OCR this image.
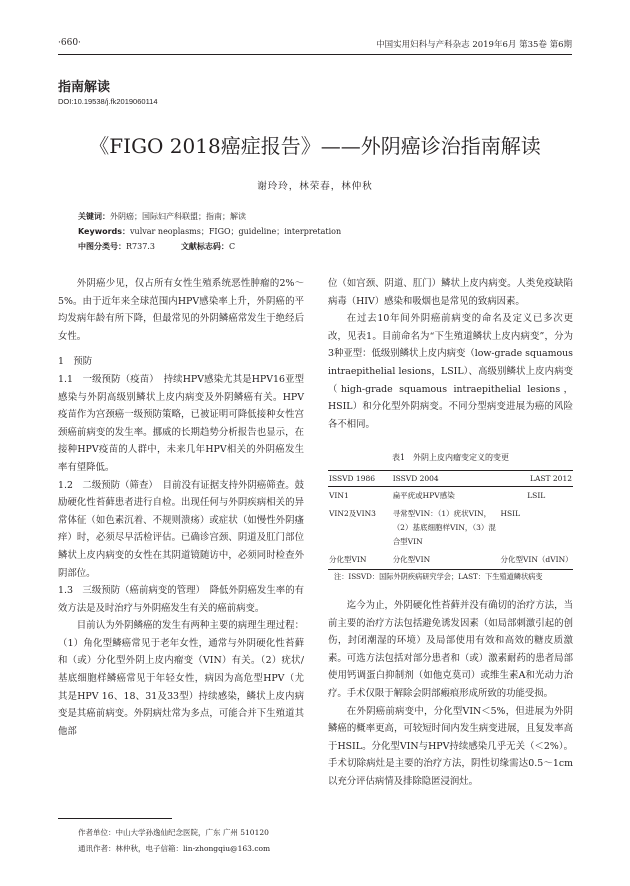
·660·	中国实用妇科与产科杂志 2019年6月 第35卷 第6期
指南解读
DOI:10.19538/j.fk2019060114
《FIGO 2018癌症报告》——外阴癌诊治指南解读
谢玲玲，林荣春，林仲秋
关键词：外阴癌；国际妇产科联盟；指南；解读
Keywords：vulvar neoplasms；FIGO；guideline；interpretation
中图分类号：R737.3	文献标志码：C

外阴癌少见，仅占所有女性生殖系统恶性肿瘤的2%～5%。由于近年来全球范围内HPV感染率上升，外阴癌的平均发病年龄有所下降，但最常见的外阴鳞癌常发生于绝经后女性。

1　预防

1.1　一级预防（疫苗）　持续HPV感染尤其是HPV16亚型感染与外阴高级别鳞状上皮内病变及外阴鳞癌有关。HPV疫苗作为宫颈癌一级预防策略，已被证明可降低接种女性宫颈癌前病变的发生率。挪威的长期趋势分析报告也显示，在接种HPV疫苗的人群中，未来几年HPV相关的外阴癌发生率有望降低。

1.2　二级预防（筛查）　目前没有证据支持外阴癌筛查。鼓励硬化性苔藓患者进行自检。出现任何与外阴疾病相关的异常体征（如色素沉着、不规则溃疡）或症状（如慢性外阴瘙痒）时，必须尽早活检评估。已确诊宫颈、阴道及肛门部位鳞状上皮内病变的女性在其阴道镜随访中，必须同时检查外阴部位。

1.3　三级预防（癌前病变的管理）　降低外阴癌发生率的有效方法是及时治疗与外阴癌发生有关的癌前病变。

目前认为外阴鳞癌的发生有两种主要的病理生理过程：（1）角化型鳞癌常见于老年女性，通常与外阴硬化性苔藓和（或）分化型外阴上皮内瘤变（VIN）有关。（2）疣状/基底细胞样鳞癌常见于年轻女性，病因为高危型HPV（尤其是HPV 16、18、31及33型）持续感染，鳞状上皮内病变是其癌前病变。外阴病灶常为多点，可能合并下生殖道其他部

位（如宫颈、阴道、肛门）鳞状上皮内病变。人类免疫缺陷病毒（HIV）感染和吸烟也是常见的致病因素。

在过去10年间外阴癌前病变的命名及定义已多次更改，见表1。目前命名为“下生殖道鳞状上皮内病变”，分为3种亚型：低级别鳞状上皮内病变（low-grade squamous intraepithelial lesions，LSIL）、高级别鳞状上皮内病变（high-grade squamous intraepithelial lesions，HSIL）和分化型外阴病变。不同分型病变进展为癌的风险各不相同。

表1　外阴上皮内瘤变定义的变更
ISSVD 1986	ISSVD 2004	LAST 2012
VIN1	扁平疣或HPV感染	LSIL
VIN2及VIN3	寻常型VIN：（1）疣状VIN，（2）基底细胞样VIN，（3）混合型VIN	HSIL
分化型VIN	分化型VIN	分化型VIN（dVIN）
注：ISSVD：国际外阴疾病研究学会；LAST：下生殖道鳞状病变

迄今为止，外阴硬化性苔藓并没有确切的治疗方法，当前主要的治疗方法包括避免诱发因素（如局部刺激引起的创伤，封闭潮湿的环境）及局部使用有效和高效的糖皮质激素。可选方法包括对部分患者和（或）激素耐药的患者局部使用钙调蛋白抑制剂（如他克莫司）或维生素A和光动力治疗。手术仅限于解除会阴部瘢痕形成所致的功能受损。

在外阴癌前病变中，分化型VIN＜5%，但进展为外阴鳞癌的概率更高，可较短时间内发生病变进展，且复发率高于HSIL。分化型VIN与HPV持续感染几乎无关（＜2%）。手术切除病灶是主要的治疗方法，阴性切缘需达0.5～1cm以充分评估病情及排除隐匿浸润灶。

作者单位：中山大学孙逸仙纪念医院，广东 广州 510120
通讯作者：林仲秋，电子信箱：lin-zhongqiu@163.com
